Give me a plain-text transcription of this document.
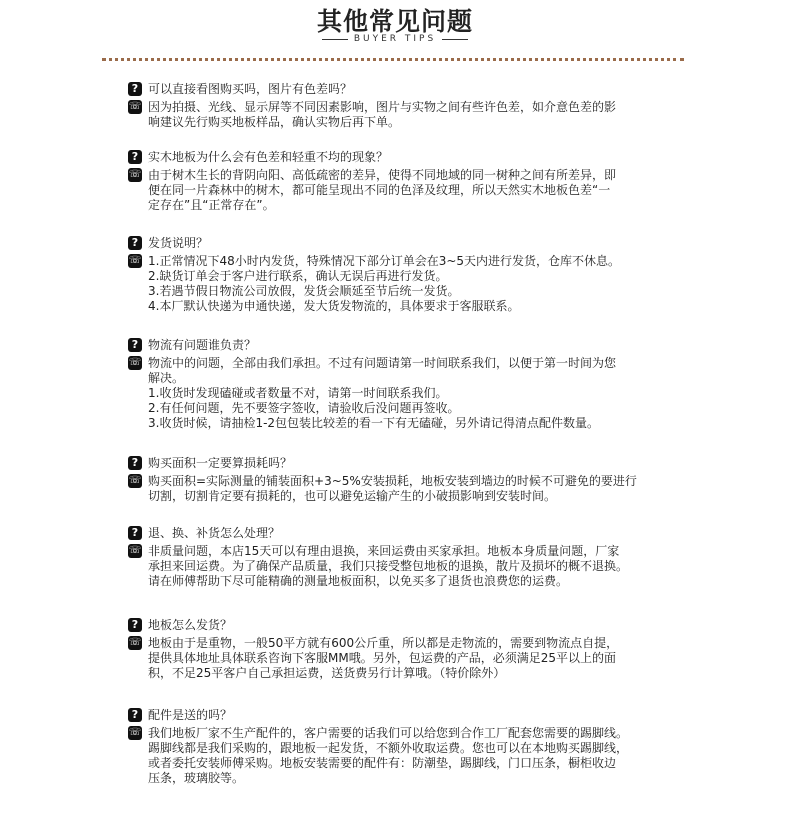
其他常见问题
BUYER TIPS
? 可以直接看图购买吗，图片有色差吗？
☏ 因为拍摄、光线、显示屏等不同因素影响，图片与实物之间有些许色差，如介意色差的影
响建议先行购买地板样品，确认实物后再下单。
? 实木地板为什么会有色差和轻重不均的现象？
☏ 由于树木生长的背阴向阳、高低疏密的差异，使得不同地域的同一树种之间有所差异，即
便在同一片森林中的树木，都可能呈现出不同的色泽及纹理，所以天然实木地板色差“一
定存在”且“正常存在”。
? 发货说明？
☏ 1.正常情况下48小时内发货，特殊情况下部分订单会在3~5天内进行发货，仓库不休息。
2.缺货订单会于客户进行联系，确认无误后再进行发货。
3.若遇节假日物流公司放假，发货会顺延至节后统一发货。
4.本厂默认快递为申通快递，发大货发物流的，具体要求于客服联系。
? 物流有问题谁负责？
☏ 物流中的问题，全部由我们承担。不过有问题请第一时间联系我们，以便于第一时间为您
解决。
1.收货时发现磕碰或者数量不对，请第一时间联系我们。
2.有任何问题，先不要签字签收，请验收后没问题再签收。
3.收货时候，请抽检1-2包包装比较差的看一下有无磕碰，另外请记得清点配件数量。
? 购买面积一定要算损耗吗？
☏ 购买面积=实际测量的铺装面积+3~5%安装损耗，地板安装到墙边的时候不可避免的要进行
切割，切割肯定要有损耗的，也可以避免运输产生的小破损影响到安装时间。
? 退、换、补货怎么处理？
☏ 非质量问题，本店15天可以有理由退换，来回运费由买家承担。地板本身质量问题，厂家
承担来回运费。为了确保产品质量，我们只接受整包地板的退换，散片及损坏的概不退换。
请在师傅帮助下尽可能精确的测量地板面积，以免买多了退货也浪费您的运费。
? 地板怎么发货？
☏ 地板由于是重物，一般50平方就有600公斤重，所以都是走物流的，需要到物流点自提，
提供具体地址具体联系咨询下客服MM哦。另外，包运费的产品，必须满足25平以上的面
积，不足25平客户自己承担运费，送货费另行计算哦。（特价除外）
? 配件是送的吗？
☏ 我们地板厂家不生产配件的，客户需要的话我们可以给您到合作工厂配套您需要的踢脚线。
踢脚线都是我们采购的，跟地板一起发货，不额外收取运费。您也可以在本地购买踢脚线，
或者委托安装师傅采购。地板安装需要的配件有：防潮垫，踢脚线，门口压条，橱柜收边
压条，玻璃胶等。
